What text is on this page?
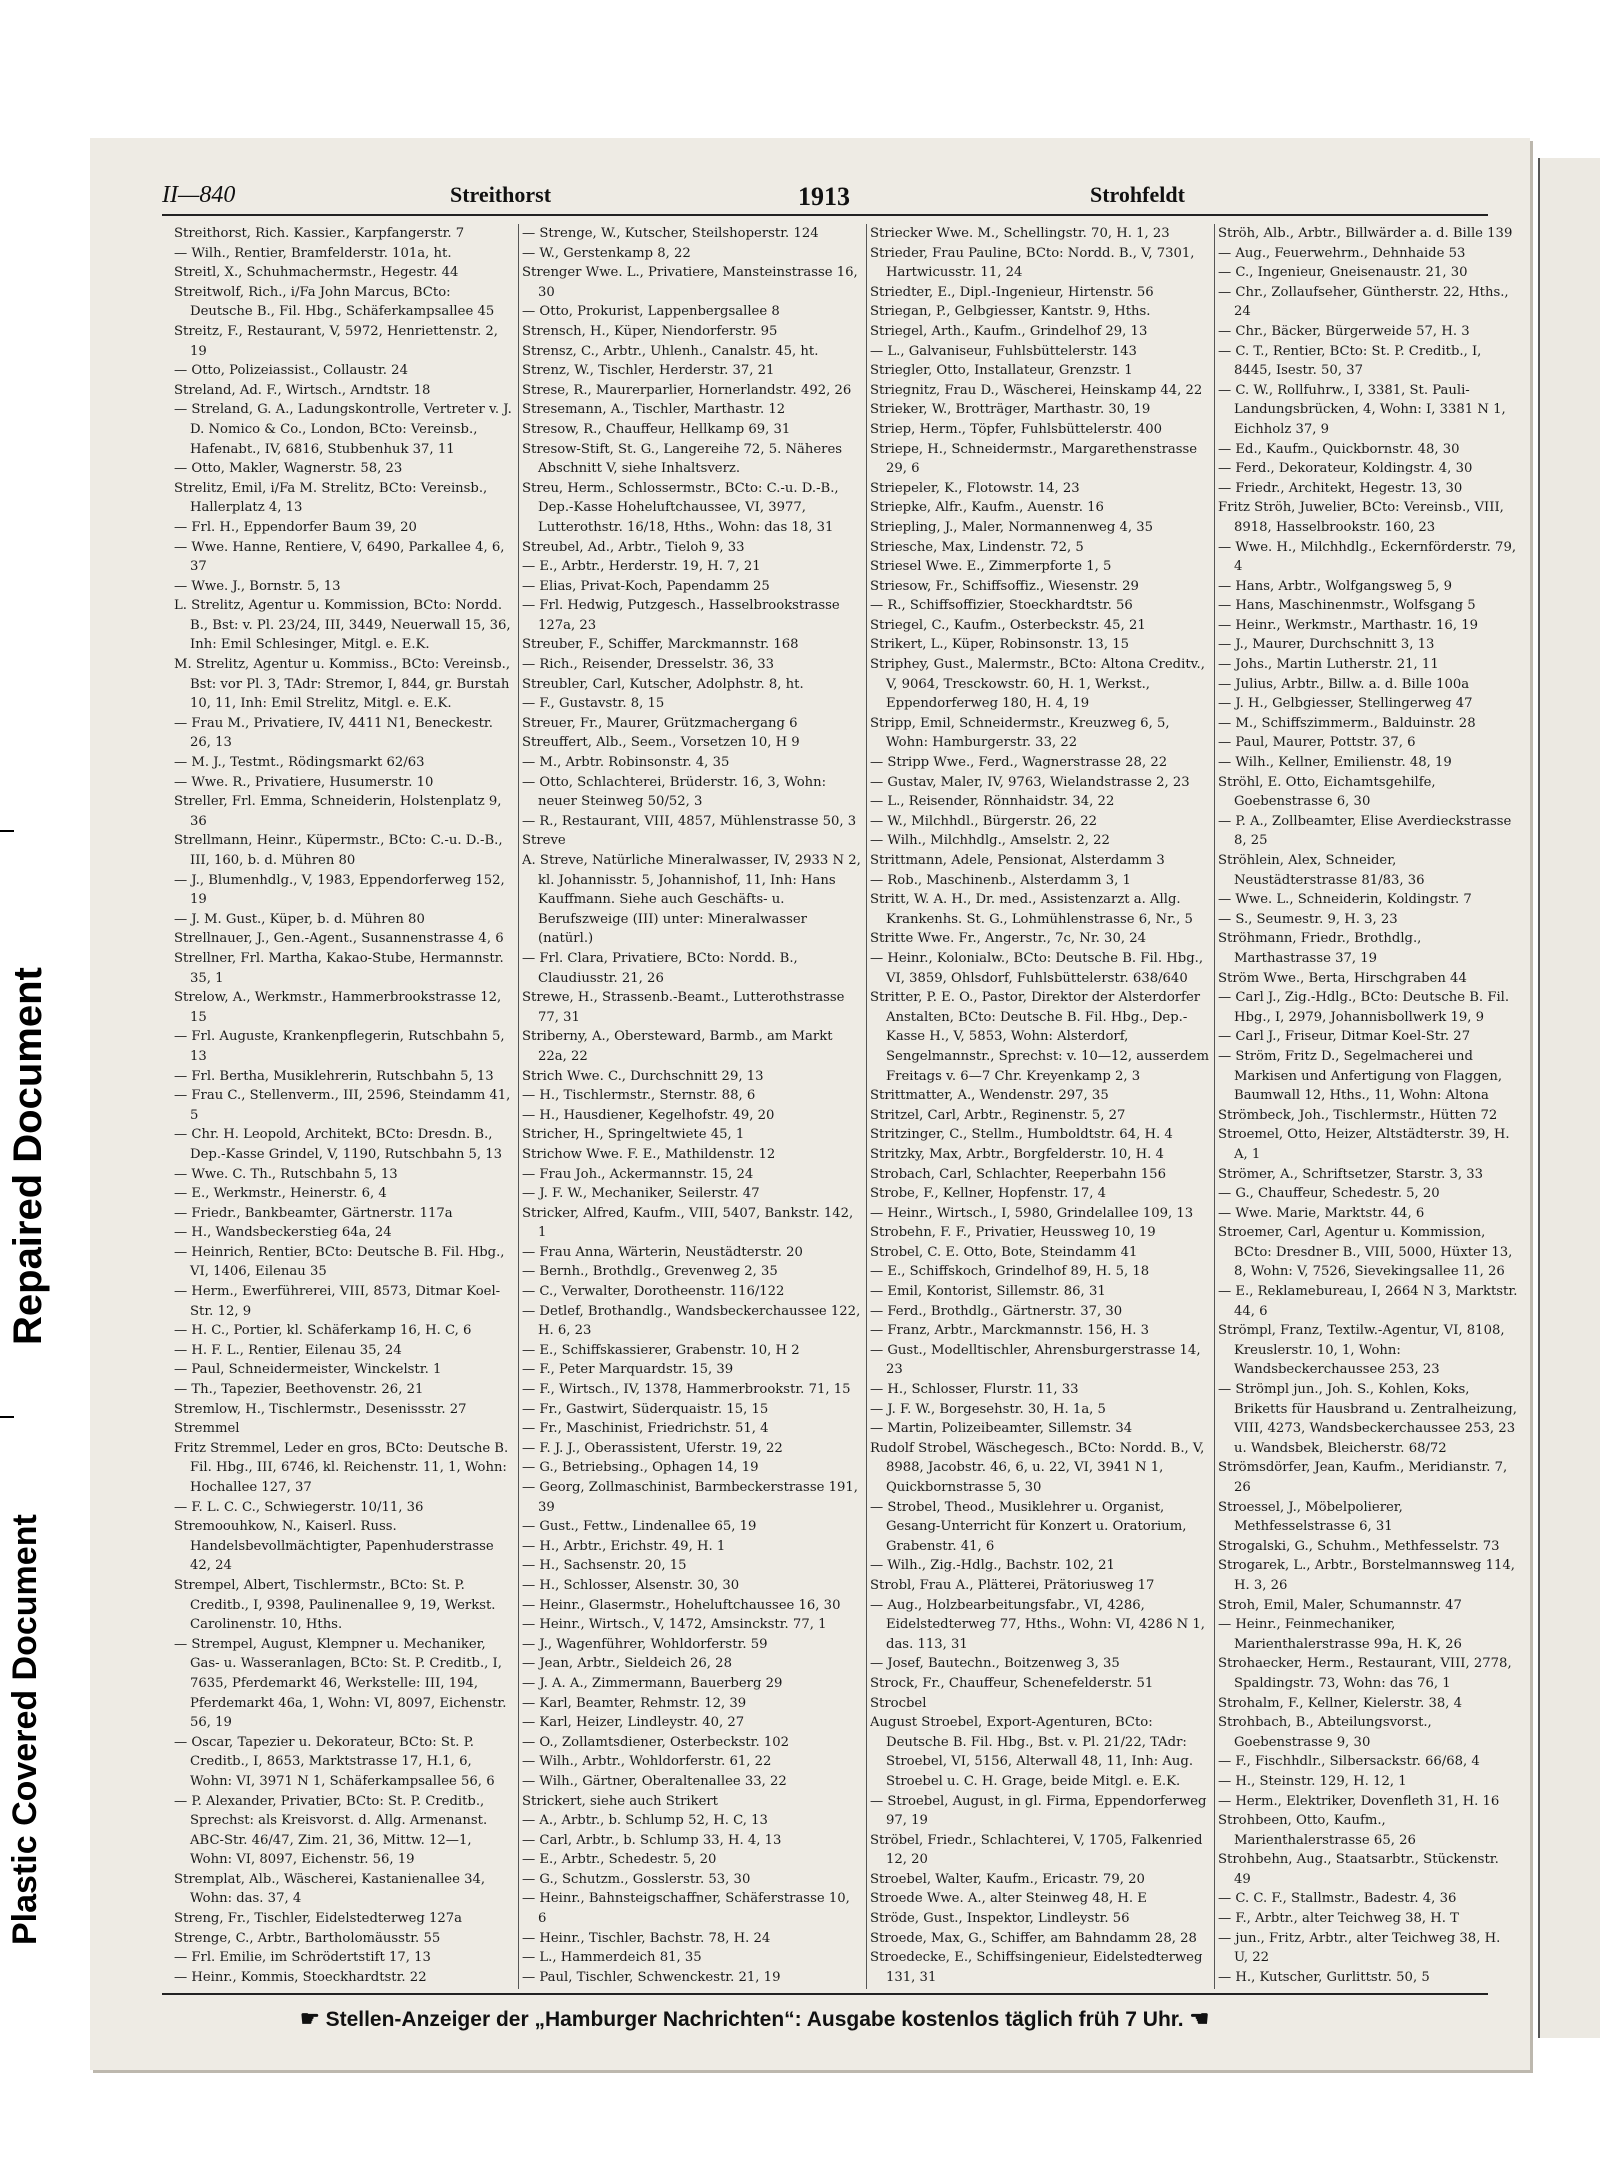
Repaired Document
Plastic Covered Document
II—840	Streithorst	1913	Strohfeldt

Streithorst, Rich. Kassier., Karpfangerstr. 7

— Wilh., Rentier, Bramfelderstr. 101a, ht.

Streitl, X., Schuhmachermstr., Hegestr. 44

Streitwolf, Rich., i/Fa John Marcus, BCto: Deutsche B., Fil. Hbg., Schäferkampsallee 45

Streitz, F., Restaurant, V, 5972, Henriettenstr. 2, 19

— Otto, Polizeiassist., Collaustr. 24

Streland, Ad. F., Wirtsch., Arndtstr. 18

— Streland, G. A., Ladungskontrolle, Vertreter v. J. D. Nomico & Co., London, BCto: Vereinsb., Hafenabt., IV, 6816, Stubbenhuk 37, 11

— Otto, Makler, Wagnerstr. 58, 23

Strelitz, Emil, i/Fa M. Strelitz, BCto: Vereinsb., Hallerplatz 4, 13

— Frl. H., Eppendorfer Baum 39, 20

— Wwe. Hanne, Rentiere, V, 6490, Parkallee 4, 6, 37

— Wwe. J., Bornstr. 5, 13

L. Strelitz, Agentur u. Kommission, BCto: Nordd. B., Bst: v. Pl. 23/24, III, 3449, Neuerwall 15, 36, Inh: Emil Schlesinger, Mitgl. e. E.K.

M. Strelitz, Agentur u. Kommiss., BCto: Vereinsb., Bst: vor Pl. 3, TAdr: Stremor, I, 844, gr. Burstah 10, 11, Inh: Emil Strelitz, Mitgl. e. E.K.

— Frau M., Privatiere, IV, 4411 N1, Beneckestr. 26, 13

— M. J., Testmt., Rödingsmarkt 62/63

— Wwe. R., Privatiere, Husumerstr. 10

Streller, Frl. Emma, Schneiderin, Holstenplatz 9, 36

Strellmann, Heinr., Küpermstr., BCto: C.-u. D.-B., III, 160, b. d. Mühren 80

— J., Blumenhdlg., V, 1983, Eppendorferweg 152, 19

— J. M. Gust., Küper, b. d. Mühren 80

Strellnauer, J., Gen.-Agent., Susannenstrasse 4, 6

Strellner, Frl. Martha, Kakao-Stube, Hermannstr. 35, 1

Strelow, A., Werkmstr., Hammerbrookstrasse 12, 15

— Frl. Auguste, Krankenpflegerin, Rutschbahn 5, 13

— Frl. Bertha, Musiklehrerin, Rutschbahn 5, 13

— Frau C., Stellenverm., III, 2596, Steindamm 41, 5

— Chr. H. Leopold, Architekt, BCto: Dresdn. B., Dep.-Kasse Grindel, V, 1190, Rutschbahn 5, 13

— Wwe. C. Th., Rutschbahn 5, 13

— E., Werkmstr., Heinerstr. 6, 4

— Friedr., Bankbeamter, Gärtnerstr. 117a

— H., Wandsbeckerstieg 64a, 24

— Heinrich, Rentier, BCto: Deutsche B. Fil. Hbg., VI, 1406, Eilenau 35

— Herm., Ewerführerei, VIII, 8573, Ditmar Koel-Str. 12, 9

— H. C., Portier, kl. Schäferkamp 16, H. C, 6

— H. F. L., Rentier, Eilenau 35, 24

— Paul, Schneidermeister, Winckelstr. 1

— Th., Tapezier, Beethovenstr. 26, 21

Stremlow, H., Tischlermstr., Desenissstr. 27

Stremmel

Fritz Stremmel, Leder en gros, BCto: Deutsche B. Fil. Hbg., III, 6746, kl. Reichenstr. 11, 1, Wohn: Hochallee 127, 37

— F. L. C. C., Schwiegerstr. 10/11, 36

Stremoouhkow, N., Kaiserl. Russ. Handelsbevollmächtigter, Papenhuderstrasse 42, 24

Strempel, Albert, Tischlermstr., BCto: St. P. Creditb., I, 9398, Paulinenallee 9, 19, Werkst. Carolinenstr. 10, Hths.

— Strempel, August, Klempner u. Mechaniker, Gas- u. Wasseranlagen, BCto: St. P. Creditb., I, 7635, Pferdemarkt 46, Werkstelle: III, 194, Pferdemarkt 46a, 1, Wohn: VI, 8097, Eichenstr. 56, 19

— Oscar, Tapezier u. Dekorateur, BCto: St. P. Creditb., I, 8653, Marktstrasse 17, H.1, 6, Wohn: VI, 3971 N 1, Schäferkampsallee 56, 6

— P. Alexander, Privatier, BCto: St. P. Creditb., Sprechst: als Kreisvorst. d. Allg. Armenanst. ABC-Str. 46/47, Zim. 21, 36, Mittw. 12—1, Wohn: VI, 8097, Eichenstr. 56, 19

Stremplat, Alb., Wäscherei, Kastanienallee 34, Wohn: das. 37, 4

Streng, Fr., Tischler, Eidelstedterweg 127a

Strenge, C., Arbtr., Bartholomäusstr. 55

— Frl. Emilie, im Schrödertstift 17, 13

— Heinr., Kommis, Stoeckhardtstr. 22

— Strenge, W., Kutscher, Steilshoperstr. 124

— W., Gerstenkamp 8, 22

Strenger Wwe. L., Privatiere, Mansteinstrasse 16, 30

— Otto, Prokurist, Lappenbergsallee 8

Strensch, H., Küper, Niendorferstr. 95

Strensz, C., Arbtr., Uhlenh., Canalstr. 45, ht.

Strenz, W., Tischler, Herderstr. 37, 21

Strese, R., Maurerparlier, Hornerlandstr. 492, 26

Stresemann, A., Tischler, Marthastr. 12

Stresow, R., Chauffeur, Hellkamp 69, 31

Stresow-Stift, St. G., Langereihe 72, 5. Näheres Abschnitt V, siehe Inhaltsverz.

Streu, Herm., Schlossermstr., BCto: C.-u. D.-B., Dep.-Kasse Hoheluftchaussee, VI, 3977, Lutterothstr. 16/18, Hths., Wohn: das 18, 31

Streubel, Ad., Arbtr., Tieloh 9, 33

— E., Arbtr., Herderstr. 19, H. 7, 21

— Elias, Privat-Koch, Papendamm 25

— Frl. Hedwig, Putzgesch., Hasselbrookstrasse 127a, 23

Streuber, F., Schiffer, Marckmannstr. 168

— Rich., Reisender, Dresselstr. 36, 33

Streubler, Carl, Kutscher, Adolphstr. 8, ht.

— F., Gustavstr. 8, 15

Streuer, Fr., Maurer, Grützmachergang 6

Streuffert, Alb., Seem., Vorsetzen 10, H 9

— M., Arbtr. Robinsonstr. 4, 35

— Otto, Schlachterei, Brüderstr. 16, 3, Wohn: neuer Steinweg 50/52, 3

— R., Restaurant, VIII, 4857, Mühlenstrasse 50, 3

Streve

A. Streve, Natürliche Mineralwasser, IV, 2933 N 2, kl. Johannisstr. 5, Johannishof, 11, Inh: Hans Kauffmann. Siehe auch Geschäfts- u. Berufszweige (III) unter: Mineralwasser (natürl.)

— Frl. Clara, Privatiere, BCto: Nordd. B., Claudiusstr. 21, 26

Strewe, H., Strassenb.-Beamt., Lutterothstrasse 77, 31

Striberny, A., Obersteward, Barmb., am Markt 22a, 22

Strich Wwe. C., Durchschnitt 29, 13

— H., Tischlermstr., Sternstr. 88, 6

— H., Hausdiener, Kegelhofstr. 49, 20

Stricher, H., Springeltwiete 45, 1

Strichow Wwe. F. E., Mathildenstr. 12

— Frau Joh., Ackermannstr. 15, 24

— J. F. W., Mechaniker, Seilerstr. 47

Stricker, Alfred, Kaufm., VIII, 5407, Bankstr. 142, 1

— Frau Anna, Wärterin, Neustädterstr. 20

— Bernh., Brothdlg., Grevenweg 2, 35

— C., Verwalter, Dorotheenstr. 116/122

— Detlef, Brothandlg., Wandsbeckerchaussee 122, H. 6, 23

— E., Schiffskassierer, Grabenstr. 10, H 2

— F., Peter Marquardstr. 15, 39

— F., Wirtsch., IV, 1378, Hammerbrookstr. 71, 15

— Fr., Gastwirt, Süderquaistr. 15, 15

— Fr., Maschinist, Friedrichstr. 51, 4

— F. J. J., Oberassistent, Uferstr. 19, 22

— G., Betriebsing., Ophagen 14, 19

— Georg, Zollmaschinist, Barmbeckerstrasse 191, 39

— Gust., Fettw., Lindenallee 65, 19

— H., Arbtr., Erichstr. 49, H. 1

— H., Sachsenstr. 20, 15

— H., Schlosser, Alsenstr. 30, 30

— Heinr., Glasermstr., Hoheluftchaussee 16, 30

— Heinr., Wirtsch., V, 1472, Amsinckstr. 77, 1

— J., Wagenführer, Wohldorferstr. 59

— Jean, Arbtr., Sieldeich 26, 28

— J. A. A., Zimmermann, Bauerberg 29

— Karl, Beamter, Rehmstr. 12, 39

— Karl, Heizer, Lindleystr. 40, 27

— O., Zollamtsdiener, Osterbeckstr. 102

— Wilh., Arbtr., Wohldorferstr. 61, 22

— Wilh., Gärtner, Oberaltenallee 33, 22

Strickert, siehe auch Strikert

— A., Arbtr., b. Schlump 52, H. C, 13

— Carl, Arbtr., b. Schlump 33, H. 4, 13

— E., Arbtr., Schedestr. 5, 20

— G., Schutzm., Gosslerstr. 53, 30

— Heinr., Bahnsteigschaffner, Schäferstrasse 10, 6

— Heinr., Tischler, Bachstr. 78, H. 24

— L., Hammerdeich 81, 35

— Paul, Tischler, Schwenckestr. 21, 19

Striecker Wwe. M., Schellingstr. 70, H. 1, 23

Strieder, Frau Pauline, BCto: Nordd. B., V, 7301, Hartwicusstr. 11, 24

Striedter, E., Dipl.-Ingenieur, Hirtenstr. 56

Striegan, P., Gelbgiesser, Kantstr. 9, Hths.

Striegel, Arth., Kaufm., Grindelhof 29, 13

— L., Galvaniseur, Fuhlsbüttelerstr. 143

Striegler, Otto, Installateur, Grenzstr. 1

Striegnitz, Frau D., Wäscherei, Heinskamp 44, 22

Strieker, W., Brotträger, Marthastr. 30, 19

Striep, Herm., Töpfer, Fuhlsbüttelerstr. 400

Striepe, H., Schneidermstr., Margarethenstrasse 29, 6

Striepeler, K., Flotowstr. 14, 23

Striepke, Alfr., Kaufm., Auenstr. 16

Striepling, J., Maler, Normannenweg 4, 35

Striesche, Max, Lindenstr. 72, 5

Striesel Wwe. E., Zimmerpforte 1, 5

Striesow, Fr., Schiffsoffiz., Wiesenstr. 29

— R., Schiffsoffizier, Stoeckhardtstr. 56

Striegel, C., Kaufm., Osterbeckstr. 45, 21

Strikert, L., Küper, Robinsonstr. 13, 15

Striphey, Gust., Malermstr., BCto: Altona Creditv., V, 9064, Tresckowstr. 60, H. 1, Werkst., Eppendorferweg 180, H. 4, 19

Stripp, Emil, Schneidermstr., Kreuzweg 6, 5, Wohn: Hamburgerstr. 33, 22

— Stripp Wwe., Ferd., Wagnerstrasse 28, 22

— Gustav, Maler, IV, 9763, Wielandstrasse 2, 23

— L., Reisender, Rönnhaidstr. 34, 22

— W., Milchhdl., Bürgerstr. 26, 22

— Wilh., Milchhdlg., Amselstr. 2, 22

Strittmann, Adele, Pensionat, Alsterdamm 3

— Rob., Maschinenb., Alsterdamm 3, 1

Stritt, W. A. H., Dr. med., Assistenzarzt a. Allg. Krankenhs. St. G., Lohmühlenstrasse 6, Nr., 5

Stritte Wwe. Fr., Angerstr., 7c, Nr. 30, 24

— Heinr., Kolonialw., BCto: Deutsche B. Fil. Hbg., VI, 3859, Ohlsdorf, Fuhlsbüttelerstr. 638/640

Stritter, P. E. O., Pastor, Direktor der Alsterdorfer Anstalten, BCto: Deutsche B. Fil. Hbg., Dep.-Kasse H., V, 5853, Wohn: Alsterdorf, Sengelmannstr., Sprechst: v. 10—12, ausserdem Freitags v. 6—7 Chr. Kreyenkamp 2, 3

Strittmatter, A., Wendenstr. 297, 35

Stritzel, Carl, Arbtr., Reginenstr. 5, 27

Stritzinger, C., Stellm., Humboldtstr. 64, H. 4

Stritzky, Max, Arbtr., Borgfelderstr. 10, H. 4

Strobach, Carl, Schlachter, Reeperbahn 156

Strobe, F., Kellner, Hopfenstr. 17, 4

— Heinr., Wirtsch., I, 5980, Grindelallee 109, 13

Strobehn, F. F., Privatier, Heussweg 10, 19

Strobel, C. E. Otto, Bote, Steindamm 41

— E., Schiffskoch, Grindelhof 89, H. 5, 18

— Emil, Kontorist, Sillemstr. 86, 31

— Ferd., Brothdlg., Gärtnerstr. 37, 30

— Franz, Arbtr., Marckmannstr. 156, H. 3

— Gust., Modelltischler, Ahrensburgerstrasse 14, 23

— H., Schlosser, Flurstr. 11, 33

— J. F. W., Borgesehstr. 30, H. 1a, 5

— Martin, Polizeibeamter, Sillemstr. 34

Rudolf Strobel, Wäschegesch., BCto: Nordd. B., V, 8988, Jacobstr. 46, 6, u. 22, VI, 3941 N 1, Quickbornstrasse 5, 30

— Strobel, Theod., Musiklehrer u. Organist, Gesang-Unterricht für Konzert u. Oratorium, Grabenstr. 41, 6

— Wilh., Zig.-Hdlg., Bachstr. 102, 21

Strobl, Frau A., Plätterei, Prätoriusweg 17

— Aug., Holzbearbeitungsfabr., VI, 4286, Eidelstedterweg 77, Hths., Wohn: VI, 4286 N 1, das. 113, 31

— Josef, Bautechn., Boitzenweg 3, 35

Strock, Fr., Chauffeur, Schenefelderstr. 51

Strocbel

August Stroebel, Export-Agenturen, BCto: Deutsche B. Fil. Hbg., Bst. v. Pl. 21/22, TAdr: Stroebel, VI, 5156, Alterwall 48, 11, Inh: Aug. Stroebel u. C. H. Grage, beide Mitgl. e. E.K.

— Stroebel, August, in gl. Firma, Eppendorferweg 97, 19

Ströbel, Friedr., Schlachterei, V, 1705, Falkenried 12, 20

Stroebel, Walter, Kaufm., Ericastr. 79, 20

Stroede Wwe. A., alter Steinweg 48, H. E

Ströde, Gust., Inspektor, Lindleystr. 56

Stroede, Max, G., Schiffer, am Bahndamm 28, 28

Stroedecke, E., Schiffsingenieur, Eidelstedterweg 131, 31

Ströh, Alb., Arbtr., Billwärder a. d. Bille 139

— Aug., Feuerwehrm., Dehnhaide 53

— C., Ingenieur, Gneisenaustr. 21, 30

— Chr., Zollaufseher, Güntherstr. 22, Hths., 24

— Chr., Bäcker, Bürgerweide 57, H. 3

— C. T., Rentier, BCto: St. P. Creditb., I, 8445, Isestr. 50, 37

— C. W., Rollfuhrw., I, 3381, St. Pauli-Landungsbrücken, 4, Wohn: I, 3381 N 1, Eichholz 37, 9

— Ed., Kaufm., Quickbornstr. 48, 30

— Ferd., Dekorateur, Koldingstr. 4, 30

— Friedr., Architekt, Hegestr. 13, 30

Fritz Ströh, Juwelier, BCto: Vereinsb., VIII, 8918, Hasselbrookstr. 160, 23

— Wwe. H., Milchhdlg., Eckernförderstr. 79, 4

— Hans, Arbtr., Wolfgangsweg 5, 9

— Hans, Maschinenmstr., Wolfsgang 5

— Heinr., Werkmstr., Marthastr. 16, 19

— J., Maurer, Durchschnitt 3, 13

— Johs., Martin Lutherstr. 21, 11

— Julius, Arbtr., Billw. a. d. Bille 100a

— J. H., Gelbgiesser, Stellingerweg 47

— M., Schiffszimmerm., Balduinstr. 28

— Paul, Maurer, Pottstr. 37, 6

— Wilh., Kellner, Emilienstr. 48, 19

Ströhl, E. Otto, Eichamtsgehilfe, Goebenstrasse 6, 30

— P. A., Zollbeamter, Elise Averdieckstrasse 8, 25

Ströhlein, Alex, Schneider, Neustädterstrasse 81/83, 36

— Wwe. L., Schneiderin, Koldingstr. 7

— S., Seumestr. 9, H. 3, 23

Ströhmann, Friedr., Brothdlg., Marthastrasse 37, 19

Ström Wwe., Berta, Hirschgraben 44

— Carl J., Zig.-Hdlg., BCto: Deutsche B. Fil. Hbg., I, 2979, Johannisbollwerk 19, 9

— Carl J., Friseur, Ditmar Koel-Str. 27

— Ström, Fritz D., Segelmacherei und Markisen und Anfertigung von Flaggen, Baumwall 12, Hths., 11, Wohn: Altona

Strömbeck, Joh., Tischlermstr., Hütten 72

Stroemel, Otto, Heizer, Altstädterstr. 39, H. A, 1

Strömer, A., Schriftsetzer, Starstr. 3, 33

— G., Chauffeur, Schedestr. 5, 20

— Wwe. Marie, Marktstr. 44, 6

Stroemer, Carl, Agentur u. Kommission, BCto: Dresdner B., VIII, 5000, Hüxter 13, 8, Wohn: V, 7526, Sievekingsallee 11, 26

— E., Reklamebureau, I, 2664 N 3, Marktstr. 44, 6

Strömpl, Franz, Textilw.-Agentur, VI, 8108, Kreuslerstr. 10, 1, Wohn: Wandsbeckerchaussee 253, 23

— Strömpl jun., Joh. S., Kohlen, Koks, Briketts für Hausbrand u. Zentralheizung, VIII, 4273, Wandsbeckerchaussee 253, 23 u. Wandsbek, Bleicherstr. 68/72

Strömsdörfer, Jean, Kaufm., Meridianstr. 7, 26

Stroessel, J., Möbelpolierer, Methfesselstrasse 6, 31

Strogalski, G., Schuhm., Methfesselstr. 73

Strogarek, L., Arbtr., Borstelmannsweg 114, H. 3, 26

Stroh, Emil, Maler, Schumannstr. 47

— Heinr., Feinmechaniker, Marienthalerstrasse 99a, H. K, 26

Strohaecker, Herm., Restaurant, VIII, 2778, Spaldingstr. 73, Wohn: das 76, 1

Strohalm, F., Kellner, Kielerstr. 38, 4

Strohbach, B., Abteilungsvorst., Goebenstrasse 9, 30

— F., Fischhdlr., Silbersackstr. 66/68, 4

— H., Steinstr. 129, H. 12, 1

— Herm., Elektriker, Dovenfleth 31, H. 16

Strohbeen, Otto, Kaufm., Marienthalerstrasse 65, 26

Strohbehn, Aug., Staatsarbtr., Stückenstr. 49

— C. C. F., Stallmstr., Badestr. 4, 36

— F., Arbtr., alter Teichweg 38, H. T

— jun., Fritz, Arbtr., alter Teichweg 38, H. U, 22

— H., Kutscher, Gurlittstr. 50, 5

☛ Stellen-Anzeiger der „Hamburger Nachrichten“: Ausgabe kostenlos täglich früh 7 Uhr. ☚
